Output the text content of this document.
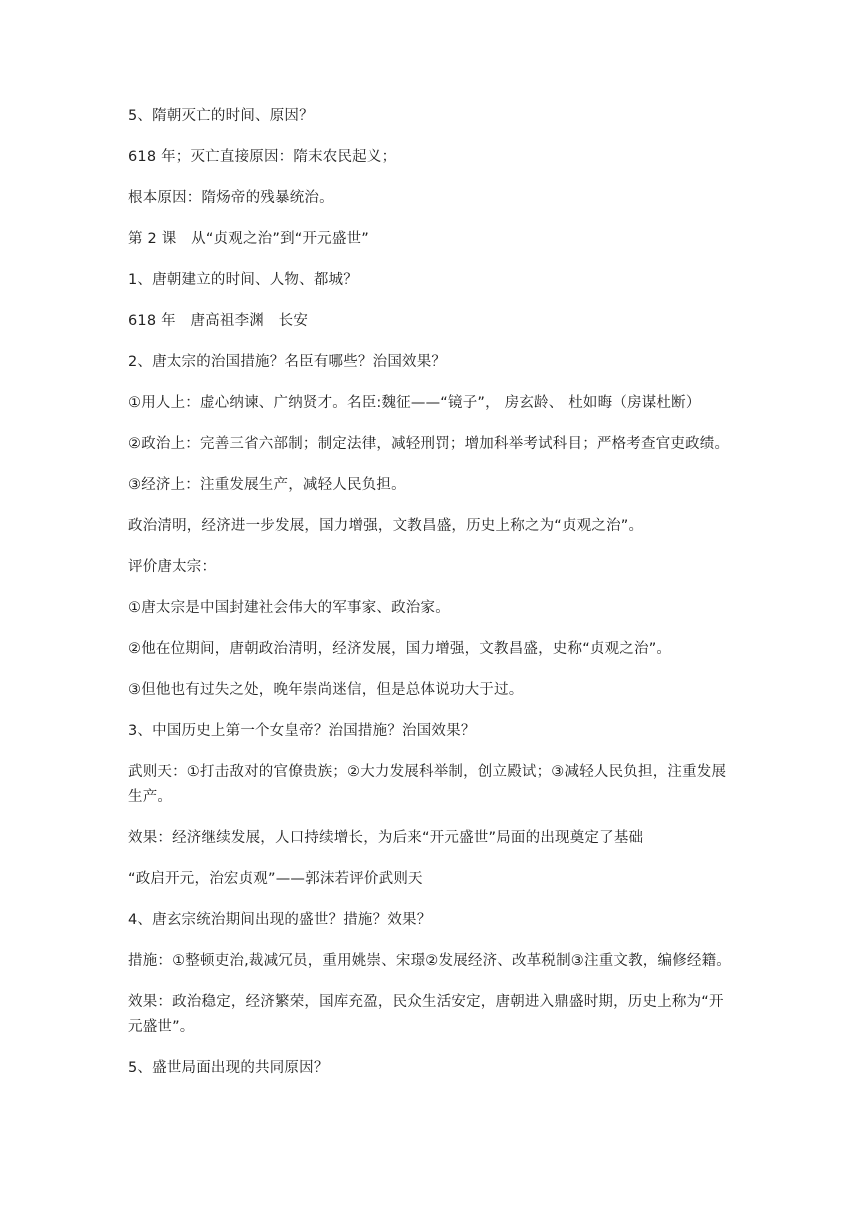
5、隋朝灭亡的时间、原因？

618 年；灭亡直接原因：隋末农民起义；

根本原因：隋炀帝的残暴统治。

第 2 课　从“贞观之治”到“开元盛世”

1、唐朝建立的时间、人物、都城？

618 年　唐高祖李渊　长安

2、唐太宗的治国措施？名臣有哪些？治国效果？

①用人上：虚心纳谏、广纳贤才。名臣:魏征——“镜子”， 房玄龄、 杜如晦（房谋杜断）

②政治上：完善三省六部制；制定法律，减轻刑罚；增加科举考试科目；严格考查官吏政绩。

③经济上：注重发展生产，减轻人民负担。

政治清明，经济进一步发展，国力增强，文教昌盛，历史上称之为“贞观之治”。

评价唐太宗：

①唐太宗是中国封建社会伟大的军事家、政治家。

②他在位期间，唐朝政治清明，经济发展，国力增强，文教昌盛，史称“贞观之治”。

③但他也有过失之处，晚年崇尚迷信，但是总体说功大于过。

3、中国历史上第一个女皇帝？治国措施？治国效果？

武则天：①打击敌对的官僚贵族；②大力发展科举制，创立殿试；③减轻人民负担，注重发展生产。

效果：经济继续发展，人口持续增长，为后来“开元盛世”局面的出现奠定了基础

“政启开元，治宏贞观”——郭沫若评价武则天

4、唐玄宗统治期间出现的盛世？措施？效果？

措施：①整顿吏治,裁减冗员，重用姚崇、宋璟②发展经济、改革税制③注重文教，编修经籍。

效果：政治稳定，经济繁荣，国库充盈，民众生活安定，唐朝进入鼎盛时期，历史上称为“开元盛世”。

5、盛世局面出现的共同原因？
